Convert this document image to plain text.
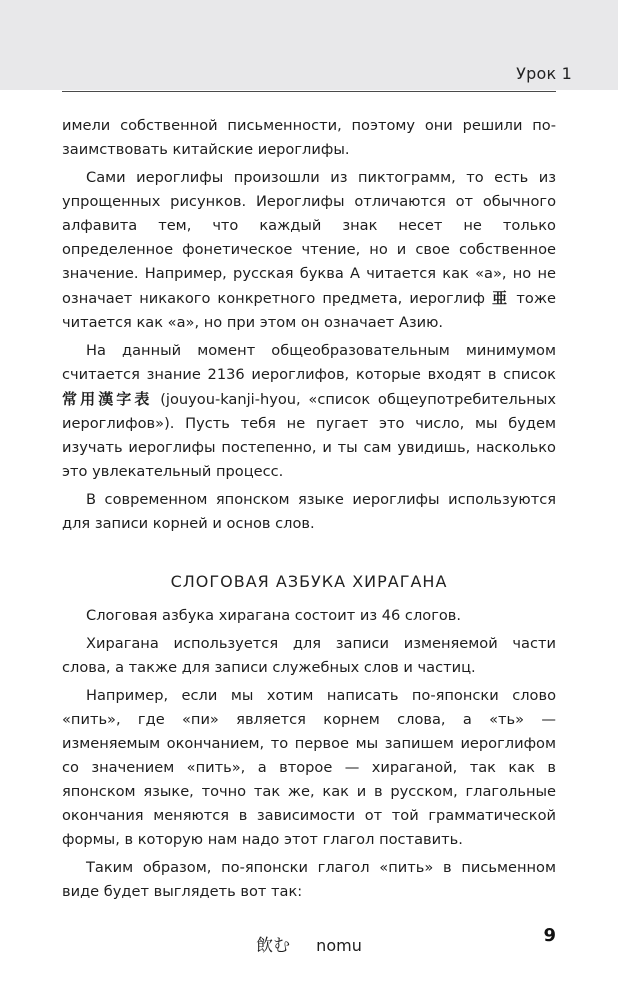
Урок 1

имели собственной письменности, поэтому они решили по-заимствовать китайские иероглифы.

Сами иероглифы произошли из пиктограмм, то есть из упрощенных рисунков. Иероглифы отличаются от обычного алфавита тем, что каждый знак несет не только определенное фонетическое чтение, но и свое собственное значение. Например, русская буква А читается как «а», но не означает никакого конкретного предмета, иероглиф 亜 тоже читается как «а», но при этом он означает Азию.

На данный момент общеобразовательным минимумом считается знание 2136 иероглифов, которые входят в список 常用漢字表 (jouyou-kanji-hyou, «список общеупотребительных иероглифов»). Пусть тебя не пугает это число, мы будем изучать иероглифы постепенно, и ты сам увидишь, насколько это увлекательный процесс.

В современном японском языке иероглифы используются для записи корней и основ слов.

СЛОГОВАЯ АЗБУКА ХИРАГАНА

Слоговая азбука хирагана состоит из 46 слогов.

Хирагана используется для записи изменяемой части слова, а также для записи служебных слов и частиц.

Например, если мы хотим написать по-японски слово «пить», где «пи» является корнем слова, а «ть» — изменяемым окончанием, то первое мы запишем иероглифом со значением «пить», а второе — хираганой, так как в японском языке, точно так же, как и в русском, глагольные окончания меняются в зависимости от той грамматической формы, в которую нам надо этот глагол поставить.

Таким образом, по-японски глагол «пить» в письменном виде будет выглядеть вот так:

飲む nomu	9
